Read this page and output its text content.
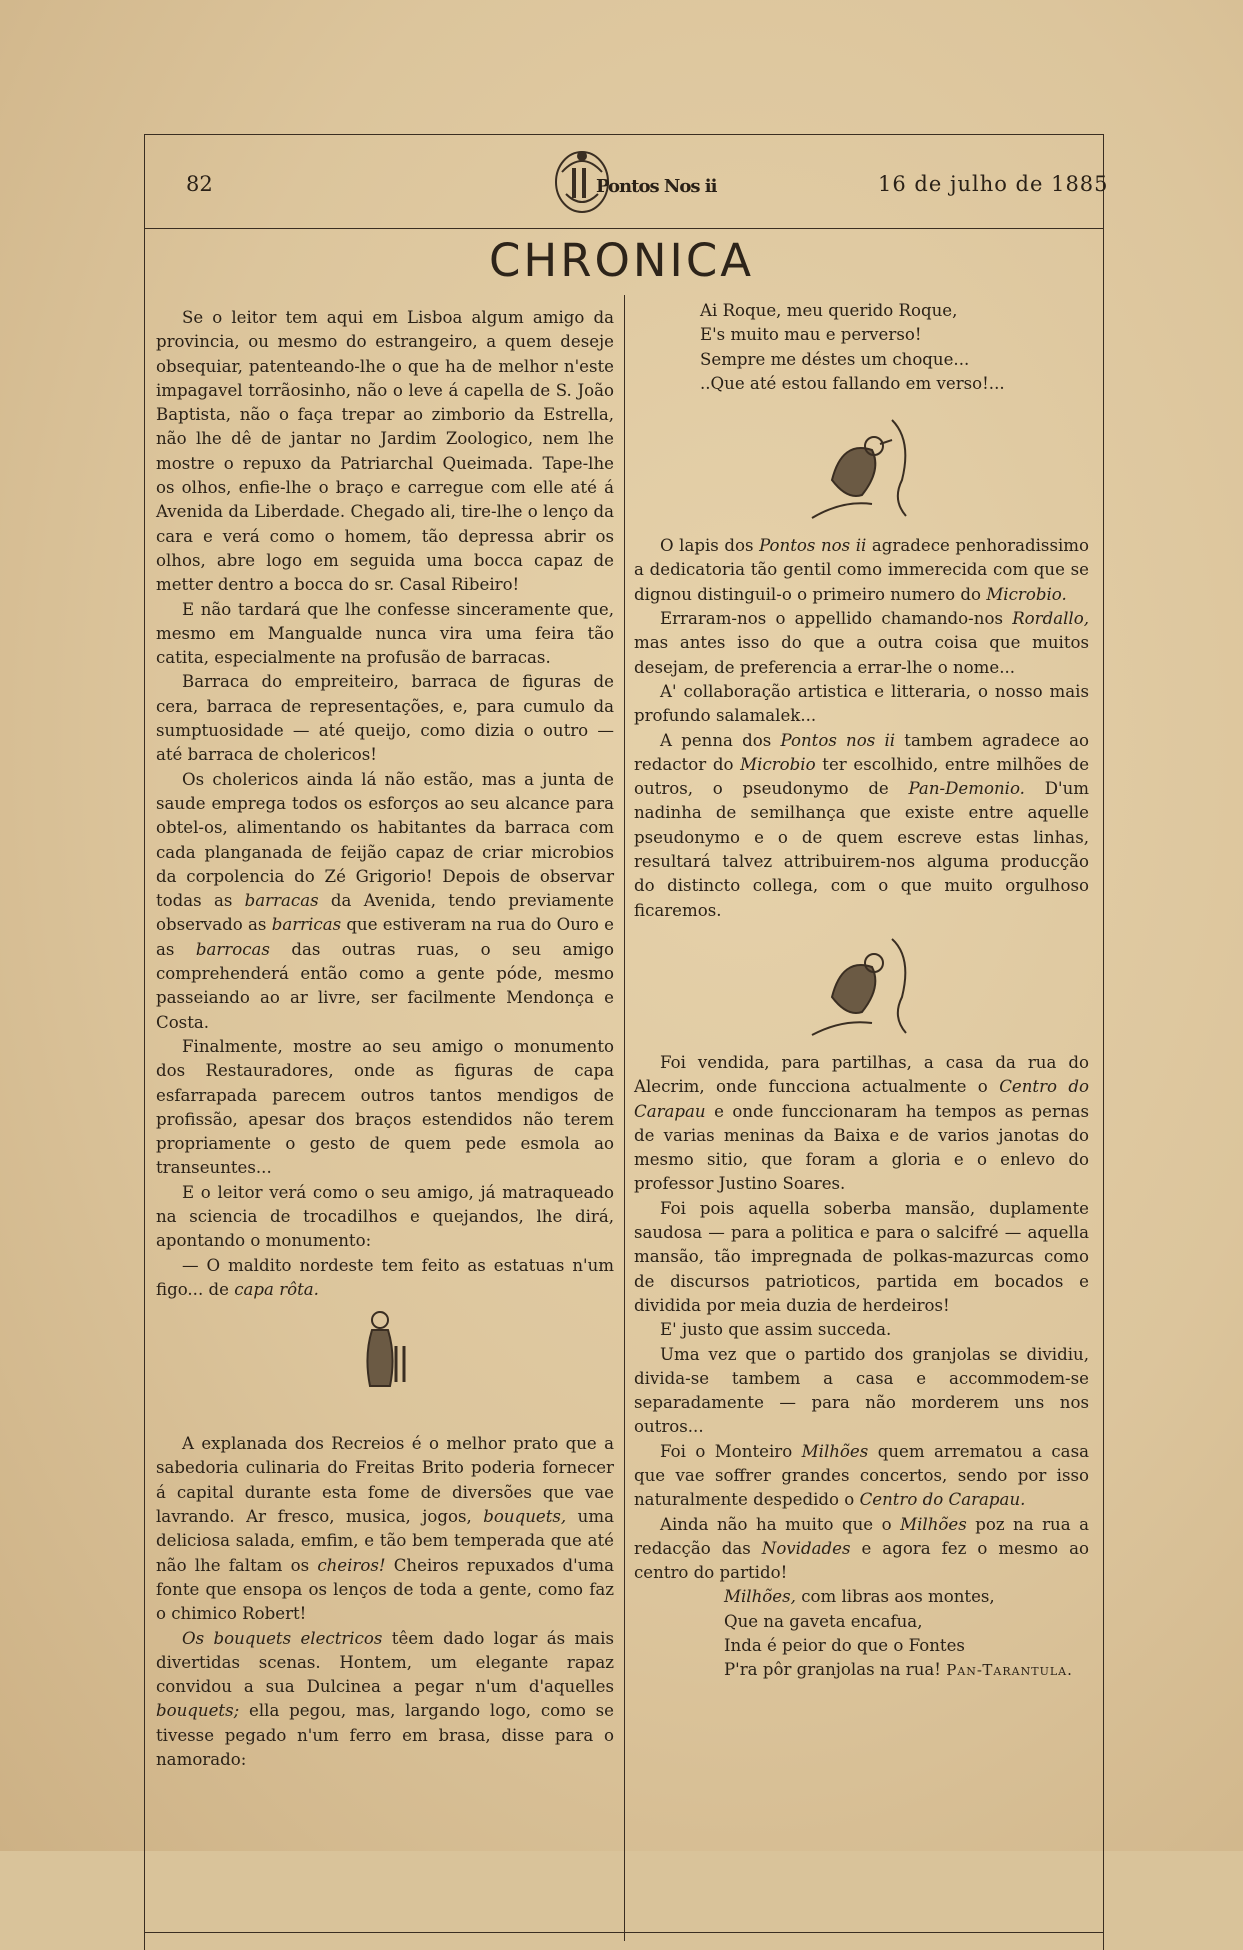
82	Pontos Nos ii	16 de julho de 1885
CHRONICA

Se o leitor tem aqui em Lisboa algum amigo da provincia, ou mesmo do estrangeiro, a quem deseje obsequiar, patenteando-lhe o que ha de melhor n'este impagavel torrãosinho, não o leve á capella de S. João Baptista, não o faça trepar ao zimborio da Estrella, não lhe dê de jantar no Jardim Zoologico, nem lhe mostre o repuxo da Patriarchal Queimada. Tape-lhe os olhos, enfie-lhe o braço e carregue com elle até á Avenida da Liberdade. Chegado ali, tire-lhe o lenço da cara e verá como o homem, tão depressa abrir os olhos, abre logo em seguida uma bocca capaz de metter dentro a bocca do sr. Casal Ribeiro!

E não tardará que lhe confesse sinceramente que, mesmo em Mangualde nunca vira uma feira tão catita, especialmente na profusão de barracas.

Barraca do empreiteiro, barraca de figuras de cera, barraca de representações, e, para cumulo da sumptuosidade — até queijo, como dizia o outro — até barraca de cholericos!

Os cholericos ainda lá não estão, mas a junta de saude emprega todos os esforços ao seu alcance para obtel-os, alimentando os habitantes da barraca com cada planganada de feijão capaz de criar microbios da corpolencia do Zé Grigorio! Depois de observar todas as barracas da Avenida, tendo previamente observado as barricas que estiveram na rua do Ouro e as barrocas das outras ruas, o seu amigo comprehenderá então como a gente póde, mesmo passeiando ao ar livre, ser facilmente Mendonça e Costa.

Finalmente, mostre ao seu amigo o monumento dos Restauradores, onde as figuras de capa esfarrapada parecem outros tantos mendigos de profissão, apesar dos braços estendidos não terem propriamente o gesto de quem pede esmola ao transeuntes...

E o leitor verá como o seu amigo, já matraqueado na sciencia de trocadilhos e quejandos, lhe dirá, apontando o monumento:

— O maldito nordeste tem feito as estatuas n'um figo... de capa rôta.

A explanada dos Recreios é o melhor prato que a sabedoria culinaria do Freitas Brito poderia fornecer á capital durante esta fome de diversões que vae lavrando. Ar fresco, musica, jogos, bouquets, uma deliciosa salada, emfim, e tão bem temperada que até não lhe faltam os cheiros! Cheiros repuxados d'uma fonte que ensopa os lenços de toda a gente, como faz o chimico Robert!

Os bouquets electricos têem dado logar ás mais divertidas scenas. Hontem, um elegante rapaz convidou a sua Dulcinea a pegar n'um d'aquelles bouquets; ella pegou, mas, largando logo, como se tivesse pegado n'um ferro em brasa, disse para o namorado:

Ai Roque, meu querido Roque,

E's muito mau e perverso!

Sempre me déstes um choque...

..Que até estou fallando em verso!...

O lapis dos Pontos nos ii agradece penhoradissimo a dedicatoria tão gentil como immerecida com que se dignou distinguil-o o primeiro numero do Microbio.

Erraram-nos o appellido chamando-nos Rordallo, mas antes isso do que a outra coisa que muitos desejam, de preferencia a errar-lhe o nome...

A' collaboração artistica e litteraria, o nosso mais profundo salamalek...

A penna dos Pontos nos ii tambem agradece ao redactor do Microbio ter escolhido, entre milhões de outros, o pseudonymo de Pan-Demonio. D'um nadinha de semilhança que existe entre aquelle pseudonymo e o de quem escreve estas linhas, resultará talvez attribuirem-nos alguma producção do distincto collega, com o que muito orgulhoso ficaremos.

Foi vendida, para partilhas, a casa da rua do Alecrim, onde funcciona actualmente o Centro do Carapau e onde funccionaram ha tempos as pernas de varias meninas da Baixa e de varios janotas do mesmo sitio, que foram a gloria e o enlevo do professor Justino Soares.

Foi pois aquella soberba mansão, duplamente saudosa — para a politica e para o salcifré — aquella mansão, tão impregnada de polkas-mazurcas como de discursos patrioticos, partida em bocados e dividida por meia duzia de herdeiros!

E' justo que assim succeda.

Uma vez que o partido dos granjolas se dividiu, divida-se tambem a casa e accommodem-se separadamente — para não morderem uns nos outros...

Foi o Monteiro Milhões quem arrematou a casa que vae soffrer grandes concertos, sendo por isso naturalmente despedido o Centro do Carapau.

Ainda não ha muito que o Milhões poz na rua a redacção das Novidades e agora fez o mesmo ao centro do partido!

Milhões, com libras aos montes,

Que na gaveta encafua,

Inda é peior do que o Fontes

P'ra pôr granjolas na rua! Pan-Tarantula.
